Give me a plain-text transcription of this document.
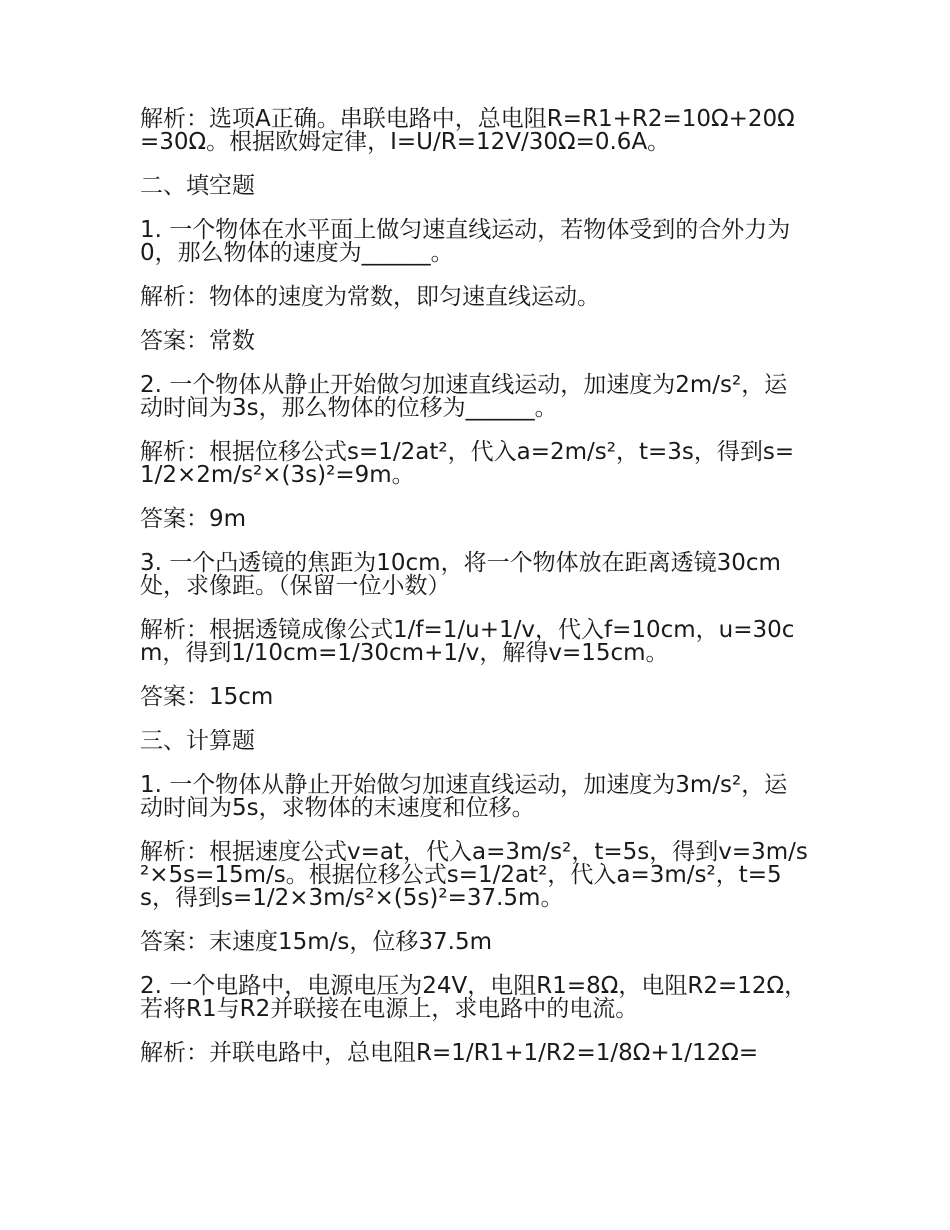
解析：选项A正确。串联电路中，总电阻R=R1+R2=10Ω+20Ω=30Ω。根据欧姆定律，I=U/R=12V/30Ω=0.6A。

二、填空题

1. 一个物体在水平面上做匀速直线运动，若物体受到的合外力为0，那么物体的速度为______。

解析：物体的速度为常数，即匀速直线运动。

答案：常数

2. 一个物体从静止开始做匀加速直线运动，加速度为2m/s²，运动时间为3s，那么物体的位移为______。

解析：根据位移公式s=1/2at²，代入a=2m/s²，t=3s，得到s=1/2×2m/s²×(3s)²=9m。

答案：9m

3. 一个凸透镜的焦距为10cm，将一个物体放在距离透镜30cm处，求像距。（保留一位小数）

解析：根据透镜成像公式1/f=1/u+1/v，代入f=10cm，u=30cm，得到1/10cm=1/30cm+1/v，解得v=15cm。

答案：15cm

三、计算题

1. 一个物体从静止开始做匀加速直线运动，加速度为3m/s²，运动时间为5s，求物体的末速度和位移。

解析：根据速度公式v=at，代入a=3m/s²，t=5s，得到v=3m/s²×5s=15m/s。根据位移公式s=1/2at²，代入a=3m/s²，t=5s，得到s=1/2×3m/s²×(5s)²=37.5m。

答案：末速度15m/s，位移37.5m

2. 一个电路中，电源电压为24V，电阻R1=8Ω，电阻R2=12Ω，若将R1与R2并联接在电源上，求电路中的电流。

解析：并联电路中，总电阻R=1/R1+1/R2=1/8Ω+1/12Ω=
